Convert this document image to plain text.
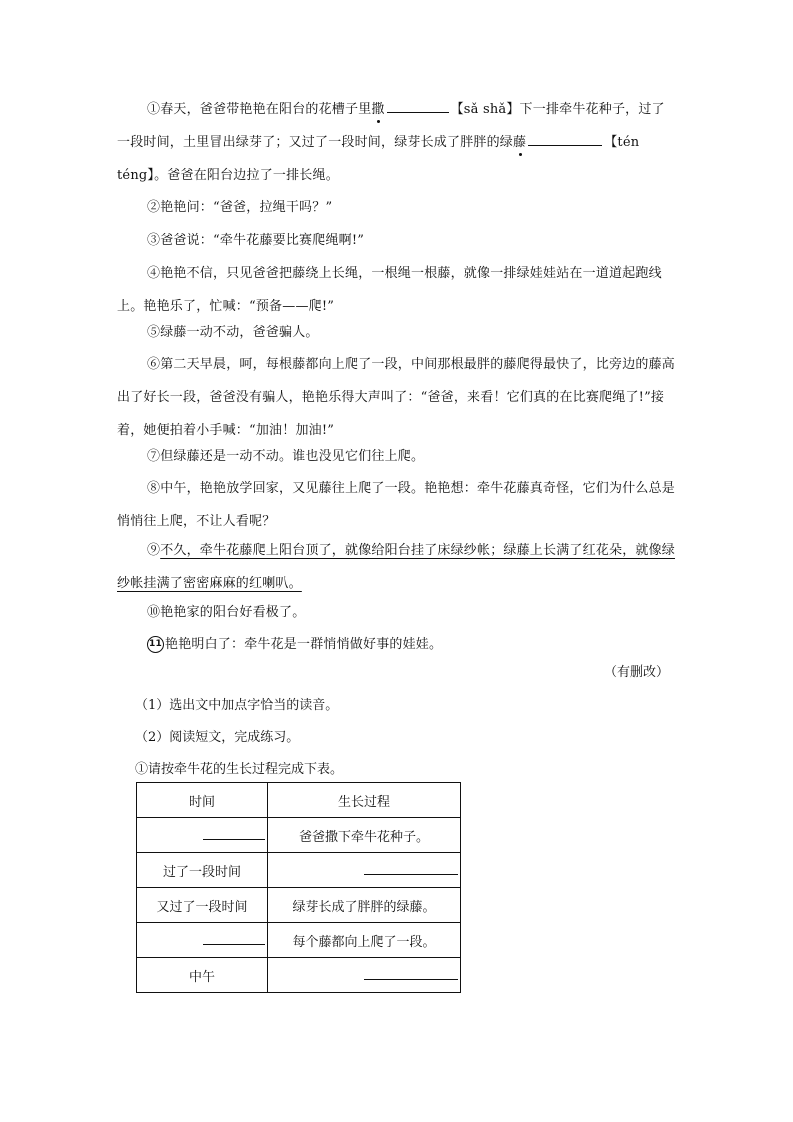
①春天，爸爸带艳艳在阳台的花槽子里撒	【sǎ shǎ】下一排牵牛花种子，过了一段时间，土里冒出绿芽了；又过了一段时间，绿芽长成了胖胖的绿藤	【tén téng】。爸爸在阳台边拉了一排长绳。
②艳艳问：“爸爸，拉绳干吗？”
③爸爸说：“牵牛花藤要比赛爬绳啊!”
④艳艳不信，只见爸爸把藤绕上长绳，一根绳一根藤，就像一排绿娃娃站在一道道起跑线上。艳艳乐了，忙喊：“预备——爬!”
⑤绿藤一动不动，爸爸骗人。
⑥第二天早晨，呵，每根藤都向上爬了一段，中间那根最胖的藤爬得最快了，比旁边的藤高出了好长一段，爸爸没有骗人，艳艳乐得大声叫了：“爸爸，来看！它们真的在比赛爬绳了!”接着，她便拍着小手喊：“加油！加油!”
⑦但绿藤还是一动不动。谁也没见它们往上爬。
⑧中午，艳艳放学回家，又见藤往上爬了一段。艳艳想：牵牛花藤真奇怪，它们为什么总是悄悄往上爬，不让人看呢？
⑨不久，牵牛花藤爬上阳台顶了，就像给阳台挂了床绿纱帐；绿藤上长满了红花朵，就像绿纱帐挂满了密密麻麻的红喇叭。
⑩艳艳家的阳台好看极了。
11 艳艳明白了：牵牛花是一群悄悄做好事的娃娃。
（有删改）
（1）选出文中加点字恰当的读音。
（2）阅读短文，完成练习。
①请按牵牛花的生长过程完成下表。
时间	生长过程
	爸爸撒下牵牛花种子。
过了一段时间	
又过了一段时间	绿芽长成了胖胖的绿藤。
	每个藤都向上爬了一段。
中午	
